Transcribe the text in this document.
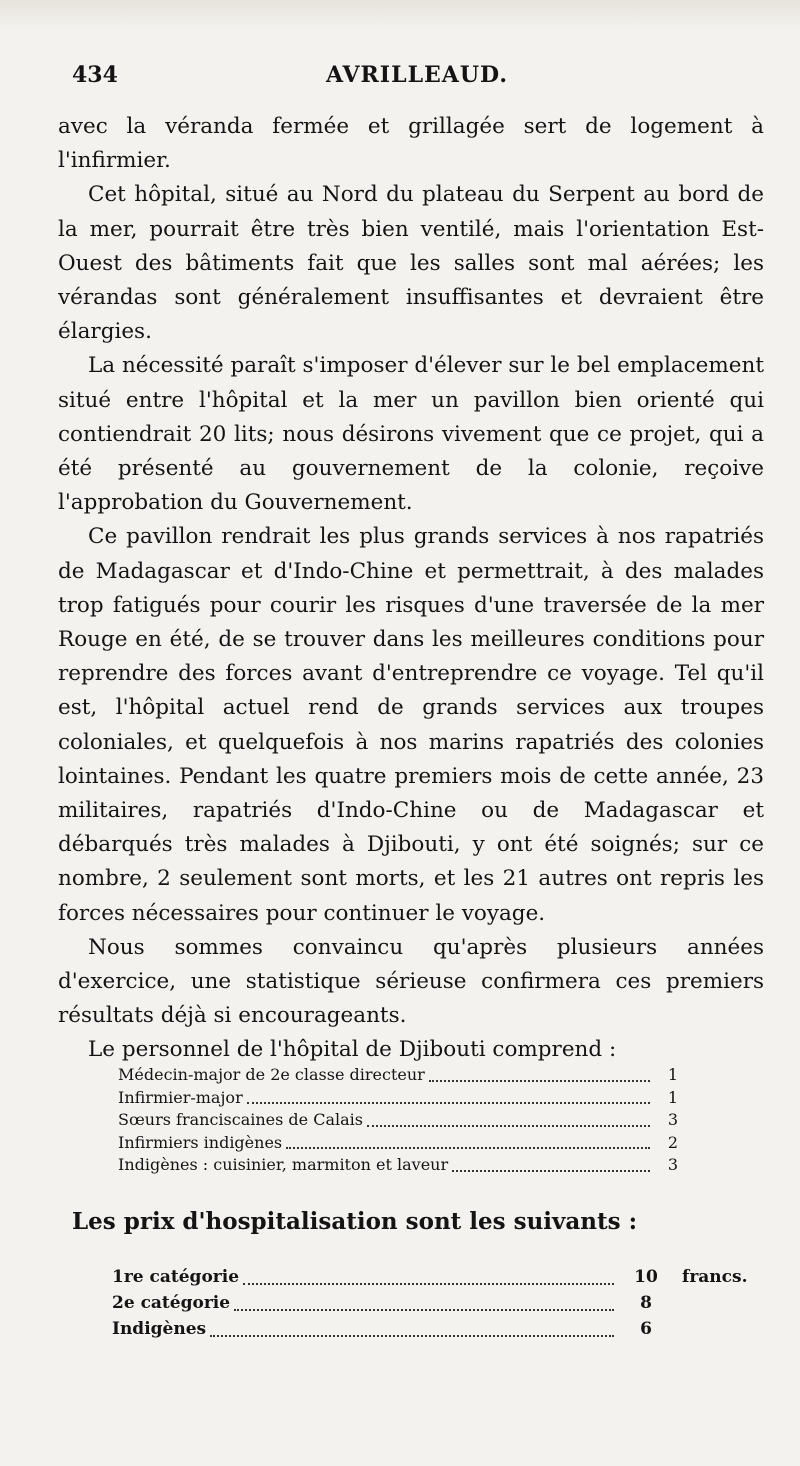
434	AVRILLEAUD.

avec la véranda fermée et grillagée sert de logement à l'infirmier.

Cet hôpital, situé au Nord du plateau du Serpent au bord de la mer, pourrait être très bien ventilé, mais l'orientation Est-Ouest des bâtiments fait que les salles sont mal aérées; les vérandas sont généralement insuffisantes et devraient être élargies.

La nécessité paraît s'imposer d'élever sur le bel emplacement situé entre l'hôpital et la mer un pavillon bien orienté qui contiendrait 20 lits; nous désirons vivement que ce projet, qui a été présenté au gouvernement de la colonie, reçoive l'approbation du Gouvernement.

Ce pavillon rendrait les plus grands services à nos rapatriés de Madagascar et d'Indo-Chine et permettrait, à des malades trop fatigués pour courir les risques d'une traversée de la mer Rouge en été, de se trouver dans les meilleures conditions pour reprendre des forces avant d'entreprendre ce voyage. Tel qu'il est, l'hôpital actuel rend de grands services aux troupes coloniales, et quelquefois à nos marins rapatriés des colonies lointaines. Pendant les quatre premiers mois de cette année, 23 militaires, rapatriés d'Indo-Chine ou de Madagascar et débarqués très malades à Djibouti, y ont été soignés; sur ce nombre, 2 seulement sont morts, et les 21 autres ont repris les forces nécessaires pour continuer le voyage.

Nous sommes convaincu qu'après plusieurs années d'exercice, une statistique sérieuse confirmera ces premiers résultats déjà si encourageants.

Le personnel de l'hôpital de Djibouti comprend :

Médecin-major de 2e classe directeur	1
Infirmier-major	1
Sœurs franciscaines de Calais	3
Infirmiers indigènes	2
Indigènes : cuisinier, marmiton et laveur	3
Les prix d'hospitalisation sont les suivants :
1re catégorie	10	francs.
2e catégorie	8
Indigènes	6
